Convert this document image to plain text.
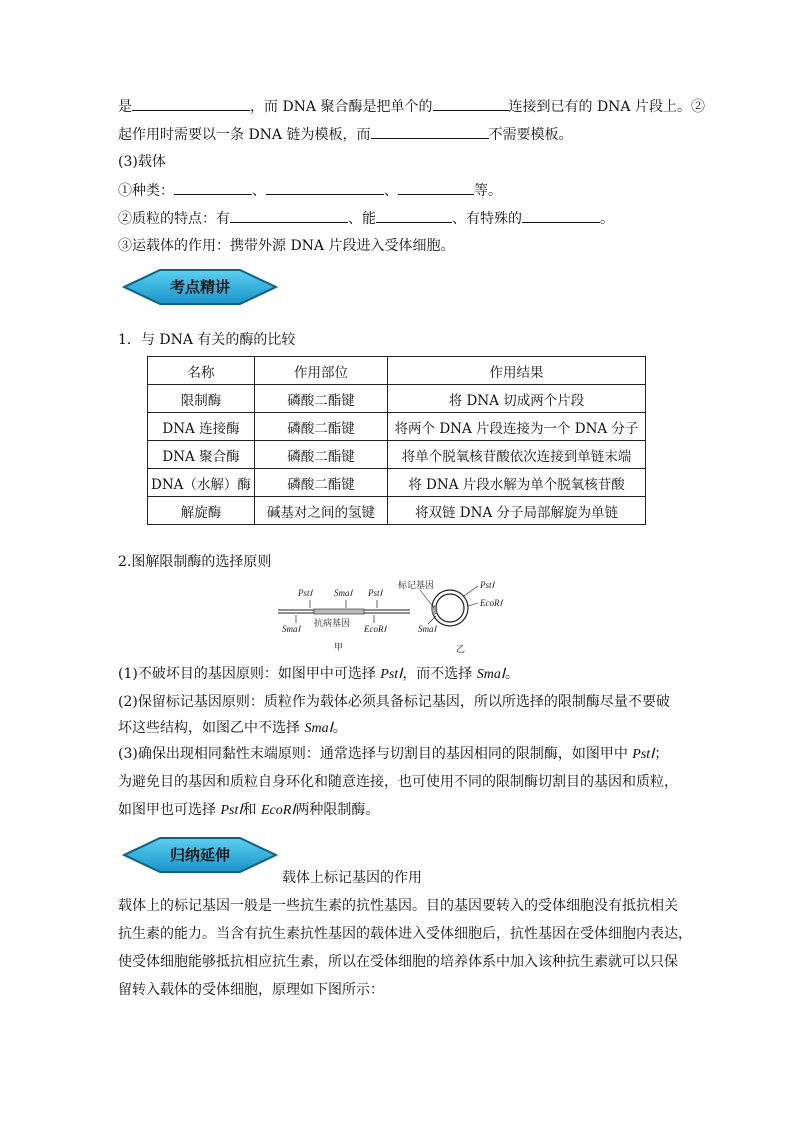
是	，而 DNA 聚合酶是把单个的	连接到已有的 DNA 片段上。②
起作用时需要以一条 DNA 链为模板，而	不需要模板。
(3)载体
①种类：	、	、	等。
②质粒的特点：有	、能	、有特殊的	。
③运载体的作用：携带外源 DNA 片段进入受体细胞。
考点精讲
1．与 DNA 有关的酶的比较
名称	作用部位	作用结果
限制酶	磷酸二酯键	将 DNA 切成两个片段
DNA 连接酶	磷酸二酯键	将两个 DNA 片段连接为一个 DNA 分子
DNA 聚合酶	磷酸二酯键	将单个脱氧核苷酸依次连接到单链末端
DNA（水解）酶	磷酸二酯键	将 DNA 片段水解为单个脱氧核苷酸
解旋酶	碱基对之间的氢键	将双链 DNA 分子局部解旋为单链
2.图解限制酶的选择原则
PstⅠ SmaⅠ PstⅠ
SmaⅠ
抗病基因
EcoRⅠ
甲
标记基因	PstⅠ
EcoRⅠ
SmaⅠ
乙
(1)不破坏目的基因原则：如图甲中可选择 PstⅠ，而不选择 SmaⅠ。
(2)保留标记基因原则：质粒作为载体必须具备标记基因，所以所选择的限制酶尽量不要破
坏这些结构，如图乙中不选择 SmaⅠ。
(3)确保出现相同黏性末端原则：通常选择与切割目的基因相同的限制酶，如图甲中 PstⅠ；
为避免目的基因和质粒自身环化和随意连接，也可使用不同的限制酶切割目的基因和质粒，
如图甲也可选择 PstⅠ和 EcoRⅠ两种限制酶。
归纳延伸
载体上标记基因的作用
载体上的标记基因一般是一些抗生素的抗性基因。目的基因要转入的受体细胞没有抵抗相关
抗生素的能力。当含有抗生素抗性基因的载体进入受体细胞后，抗性基因在受体细胞内表达，
使受体细胞能够抵抗相应抗生素，所以在受体细胞的培养体系中加入该种抗生素就可以只保
留转入载体的受体细胞，原理如下图所示：
